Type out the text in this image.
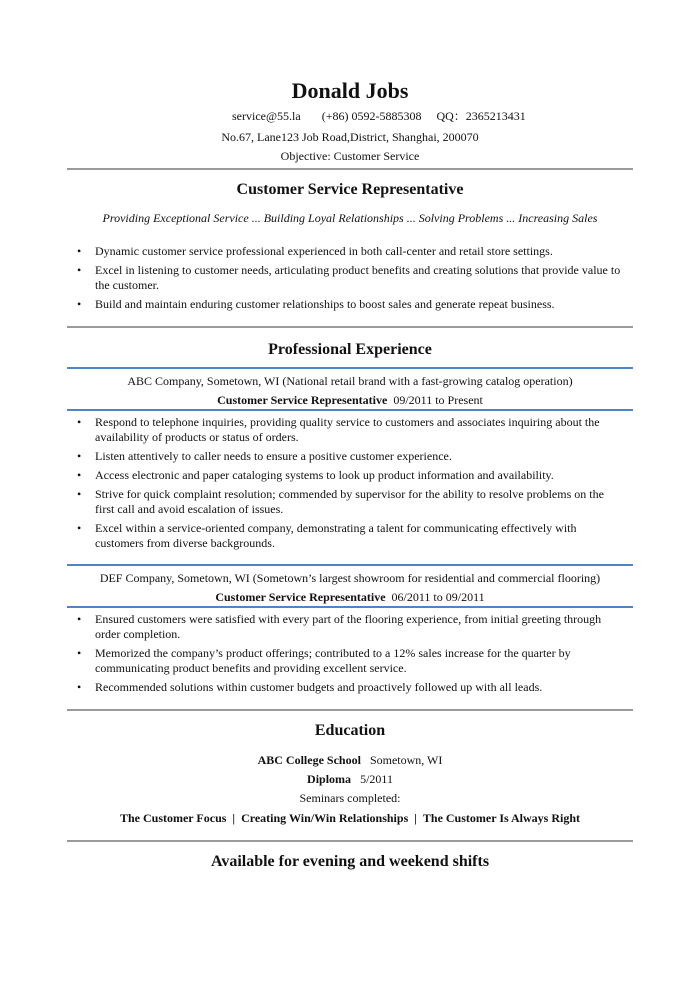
Donald Jobs
service@55.la (+86) 0592-5885308 QQ：2365213431
No.67, Lane123 Job Road,District, Shanghai, 200070
Objective: Customer Service
Customer Service Representative
Providing Exceptional Service ... Building Loyal Relationships ... Solving Problems ... Increasing Sales
• Dynamic customer service professional experienced in both call-center and retail store settings.
• Excel in listening to customer needs, articulating product benefits and creating solutions that provide value to the customer.
• Build and maintain enduring customer relationships to boost sales and generate repeat business.
Professional Experience
ABC Company, Sometown, WI (National retail brand with a fast-growing catalog operation)
Customer Service Representative 09/2011 to Present
• Respond to telephone inquiries, providing quality service to customers and associates inquiring about the availability of products or status of orders.
• Listen attentively to caller needs to ensure a positive customer experience.
• Access electronic and paper cataloging systems to look up product information and availability.
• Strive for quick complaint resolution; commended by supervisor for the ability to resolve problems on the first call and avoid escalation of issues.
• Excel within a service-oriented company, demonstrating a talent for communicating effectively with customers from diverse backgrounds.
DEF Company, Sometown, WI (Sometown’s largest showroom for residential and commercial flooring)
Customer Service Representative 06/2011 to 09/2011
• Ensured customers were satisfied with every part of the flooring experience, from initial greeting through order completion.
• Memorized the company’s product offerings; contributed to a 12% sales increase for the quarter by communicating product benefits and providing excellent service.
• Recommended solutions within customer budgets and proactively followed up with all leads.
Education
ABC College School Sometown, WI
Diploma 5/2011
Seminars completed:
The Customer Focus | Creating Win/Win Relationships | The Customer Is Always Right
Available for evening and weekend shifts
